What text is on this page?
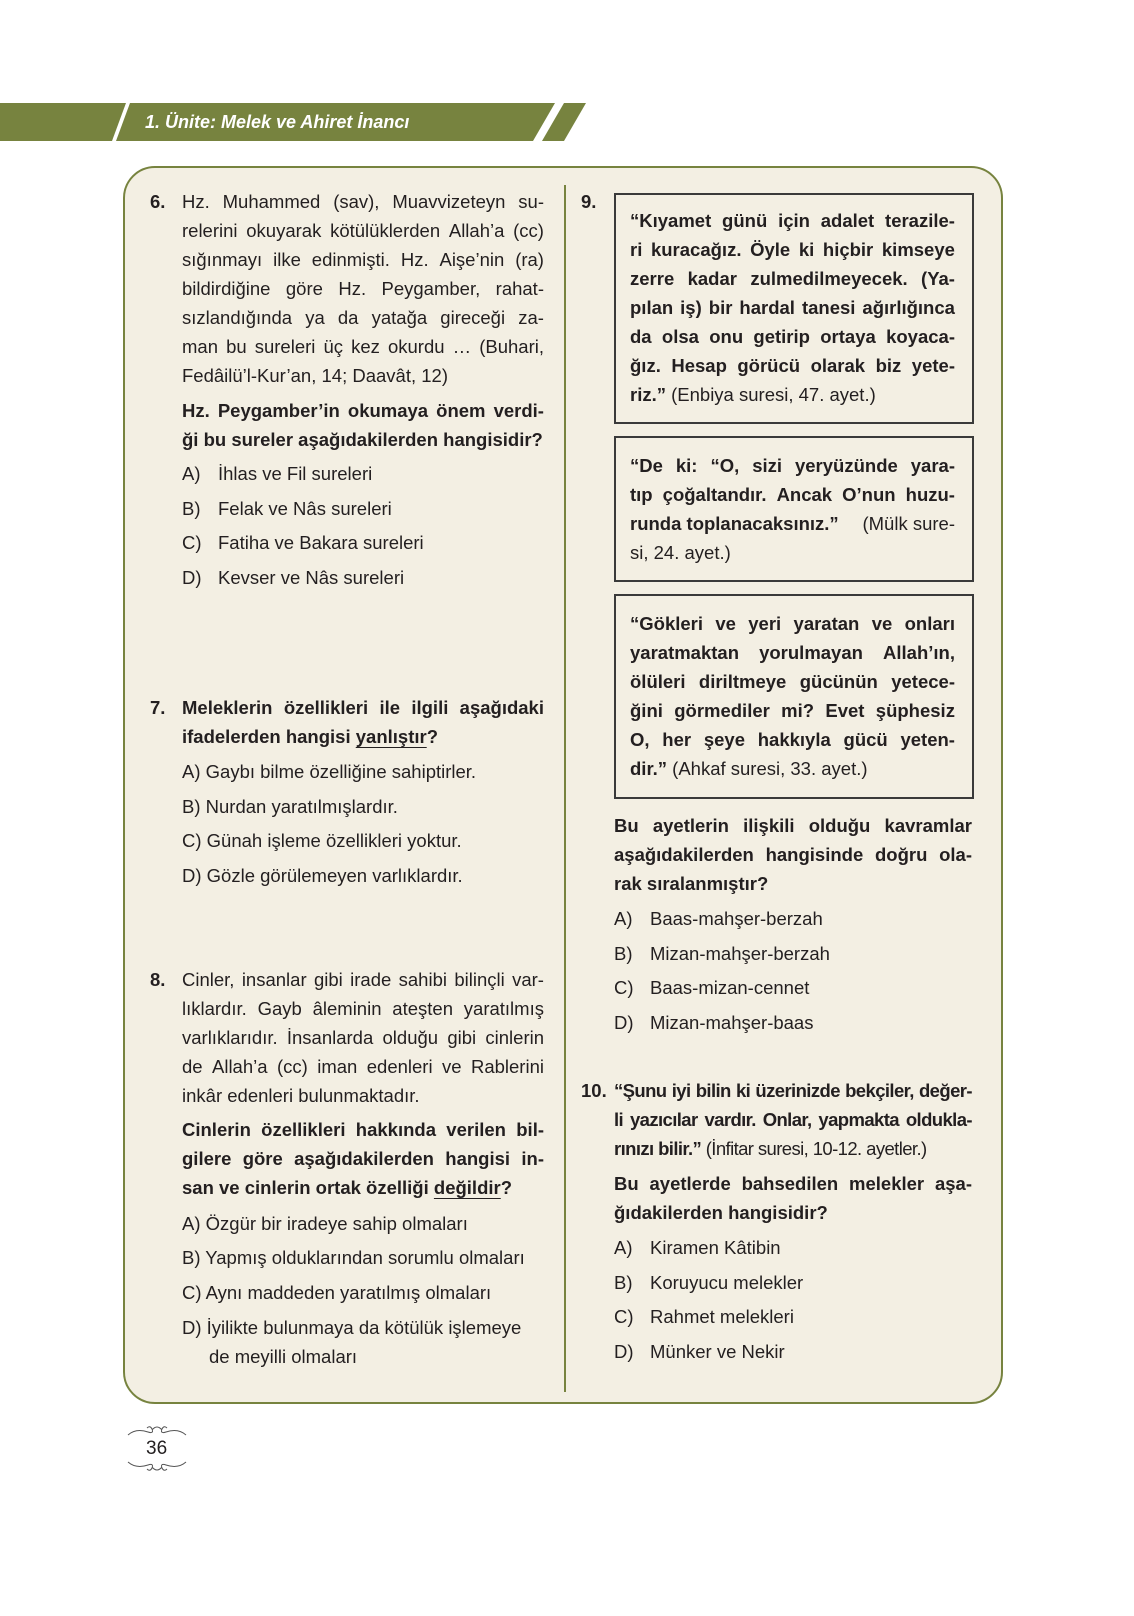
1. Ünite: Melek ve Ahiret İnancı
6. Hz. Muhammed (sav), Muavvizeteyn su-
relerini okuyarak kötülüklerden Allah’a (cc)
sığınmayı ilke edinmişti. Hz. Aişe’nin (ra)
bildirdiğine göre Hz. Peygamber, rahat-
sızlandığında ya da yatağa gireceği za-
man bu sureleri üç kez okurdu … (Buhari,
Fedâilü’l-Kur’an, 14; Daavât, 12)
Hz. Peygamber’in okumaya önem verdi-
ği bu sureler aşağıdakilerden hangisidir?
A) İhlas ve Fil sureleri
B) Felak ve Nâs sureleri
C) Fatiha ve Bakara sureleri
D) Kevser ve Nâs sureleri
7. Meleklerin özellikleri ile ilgili aşağıdaki
ifadelerden hangisi yanlıştır ?
A) Gaybı bilme özelliğine sahiptirler.
B) Nurdan yaratılmışlardır.
C) Günah işleme özellikleri yoktur.
D) Gözle görülemeyen varlıklardır.
8. Cinler, insanlar gibi irade sahibi bilinçli var-
lıklardır. Gayb âleminin ateşten yaratılmış
varlıklarıdır. İnsanlarda olduğu gibi cinlerin
de Allah’a (cc) iman edenleri ve Rablerini
inkâr edenleri bulunmaktadır.
Cinlerin özellikleri hakkında verilen bil-
gilere göre aşağıdakilerden hangisi in-
san ve cinlerin ortak özelliği değildir ?
A) Özgür bir iradeye sahip olmaları
B) Yapmış olduklarından sorumlu olmaları
C) Aynı maddeden yaratılmış olmaları
D) İyilikte bulunmaya da kötülük işlemeye
de meyilli olmaları
9.
“Kıyamet günü için adalet terazile-
ri kuracağız. Öyle ki hiçbir kimseye
zerre kadar zulmedilmeyecek. (Ya-
pılan iş) bir hardal tanesi ağırlığınca
da olsa onu getirip ortaya koyaca-
ğız. Hesap görücü olarak biz yete-
riz.” (Enbiya suresi, 47. ayet.)
“De ki: “O, sizi yeryüzünde yara-
tıp çoğaltandır. Ancak O’nun huzu-
runda toplanacaksınız.” (Mülk sure-
si, 24. ayet.)
“Gökleri ve yeri yaratan ve onları
yaratmaktan yorulmayan Allah’ın,
ölüleri diriltmeye gücünün yetece-
ğini görmediler mi? Evet şüphesiz
O, her şeye hakkıyla gücü yeten-
dir.” (Ahkaf suresi, 33. ayet.)
Bu ayetlerin ilişkili olduğu kavramlar
aşağıdakilerden hangisinde doğru ola-
rak sıralanmıştır?
A) Baas-mahşer-berzah
B) Mizan-mahşer-berzah
C) Baas-mizan-cennet
D) Mizan-mahşer-baas
10. “Şunu iyi bilin ki üzerinizde bekçiler, değer-
li yazıcılar vardır. Onlar, yapmakta oldukla-
rınızı bilir.” (İnfitar suresi, 10-12. ayetler.)
Bu ayetlerde bahsedilen melekler aşa-
ğıdakilerden hangisidir?
A) Kiramen Kâtibin
B) Koruyucu melekler
C) Rahmet melekleri
D) Münker ve Nekir
36
